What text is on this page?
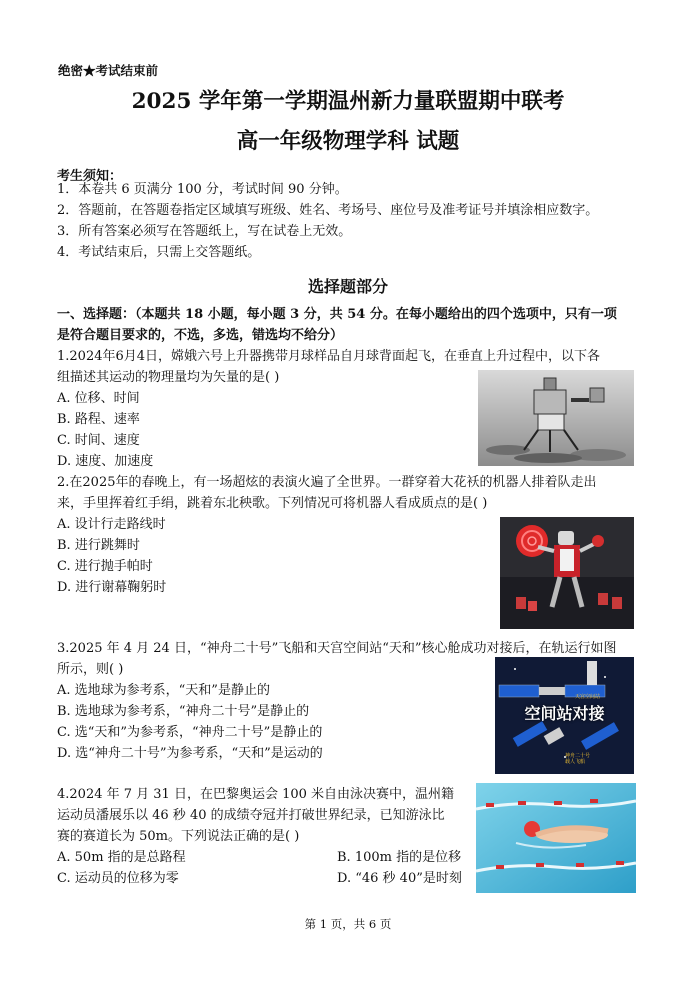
绝密★考试结束前
2025 学年第一学期温州新力量联盟期中联考
高一年级物理学科 试题
考生须知：
1．本卷共 6 页满分 100 分，考试时间 90 分钟。
2．答题前，在答题卷指定区域填写班级、姓名、考场号、座位号及准考证号并填涂相应数字。
3．所有答案必须写在答题纸上，写在试卷上无效。
4．考试结束后，只需上交答题纸。
选择题部分
一、选择题：（本题共 18 小题，每小题 3 分，共 54 分。在每小题给出的四个选项中，只有一项
是符合题目要求的，不选，多选，错选均不给分）
1.2024年6月4日，嫦娥六号上升器携带月球样品自月球背面起飞，在垂直上升过程中，以下各
组描述其运动的物理量均为矢量的是( )
A. 位移、时间
B. 路程、速率
C. 时间、速度
D. 速度、加速度
2.在2025年的春晚上，有一场超炫的表演火遍了全世界。一群穿着大花袄的机器人排着队走出
来，手里挥着红手绢，跳着东北秧歌。下列情况可将机器人看成质点的是( )
A. 设计行走路线时
B. 进行跳舞时
C. 进行抛手帕时
D. 进行谢幕鞠躬时
3.2025 年 4 月 24 日，“神舟二十号”飞船和天宫空间站“天和”核心舱成功对接后，在轨运行如图
所示，则( )
A. 选地球为参考系，“天和”是静止的
B. 选地球为参考系，“神舟二十号”是静止的
C. 选“天和”为参考系，“神舟二十号”是静止的
D. 选“神舟二十号”为参考系，“天和”是运动的
空间站对接
天宫空间站
神舟二十号
载人飞船
4.2024 年 7 月 31 日，在巴黎奥运会 100 米自由泳决赛中，温州籍
运动员潘展乐以 46 秒 40 的成绩夺冠并打破世界纪录，已知游泳比
赛的赛道长为 50m。下列说法正确的是( )
A. 50m 指的是总路程	B. 100m 指的是位移
C. 运动员的位移为零	D. “46 秒 40”是时刻
第 1 页，共 6 页
